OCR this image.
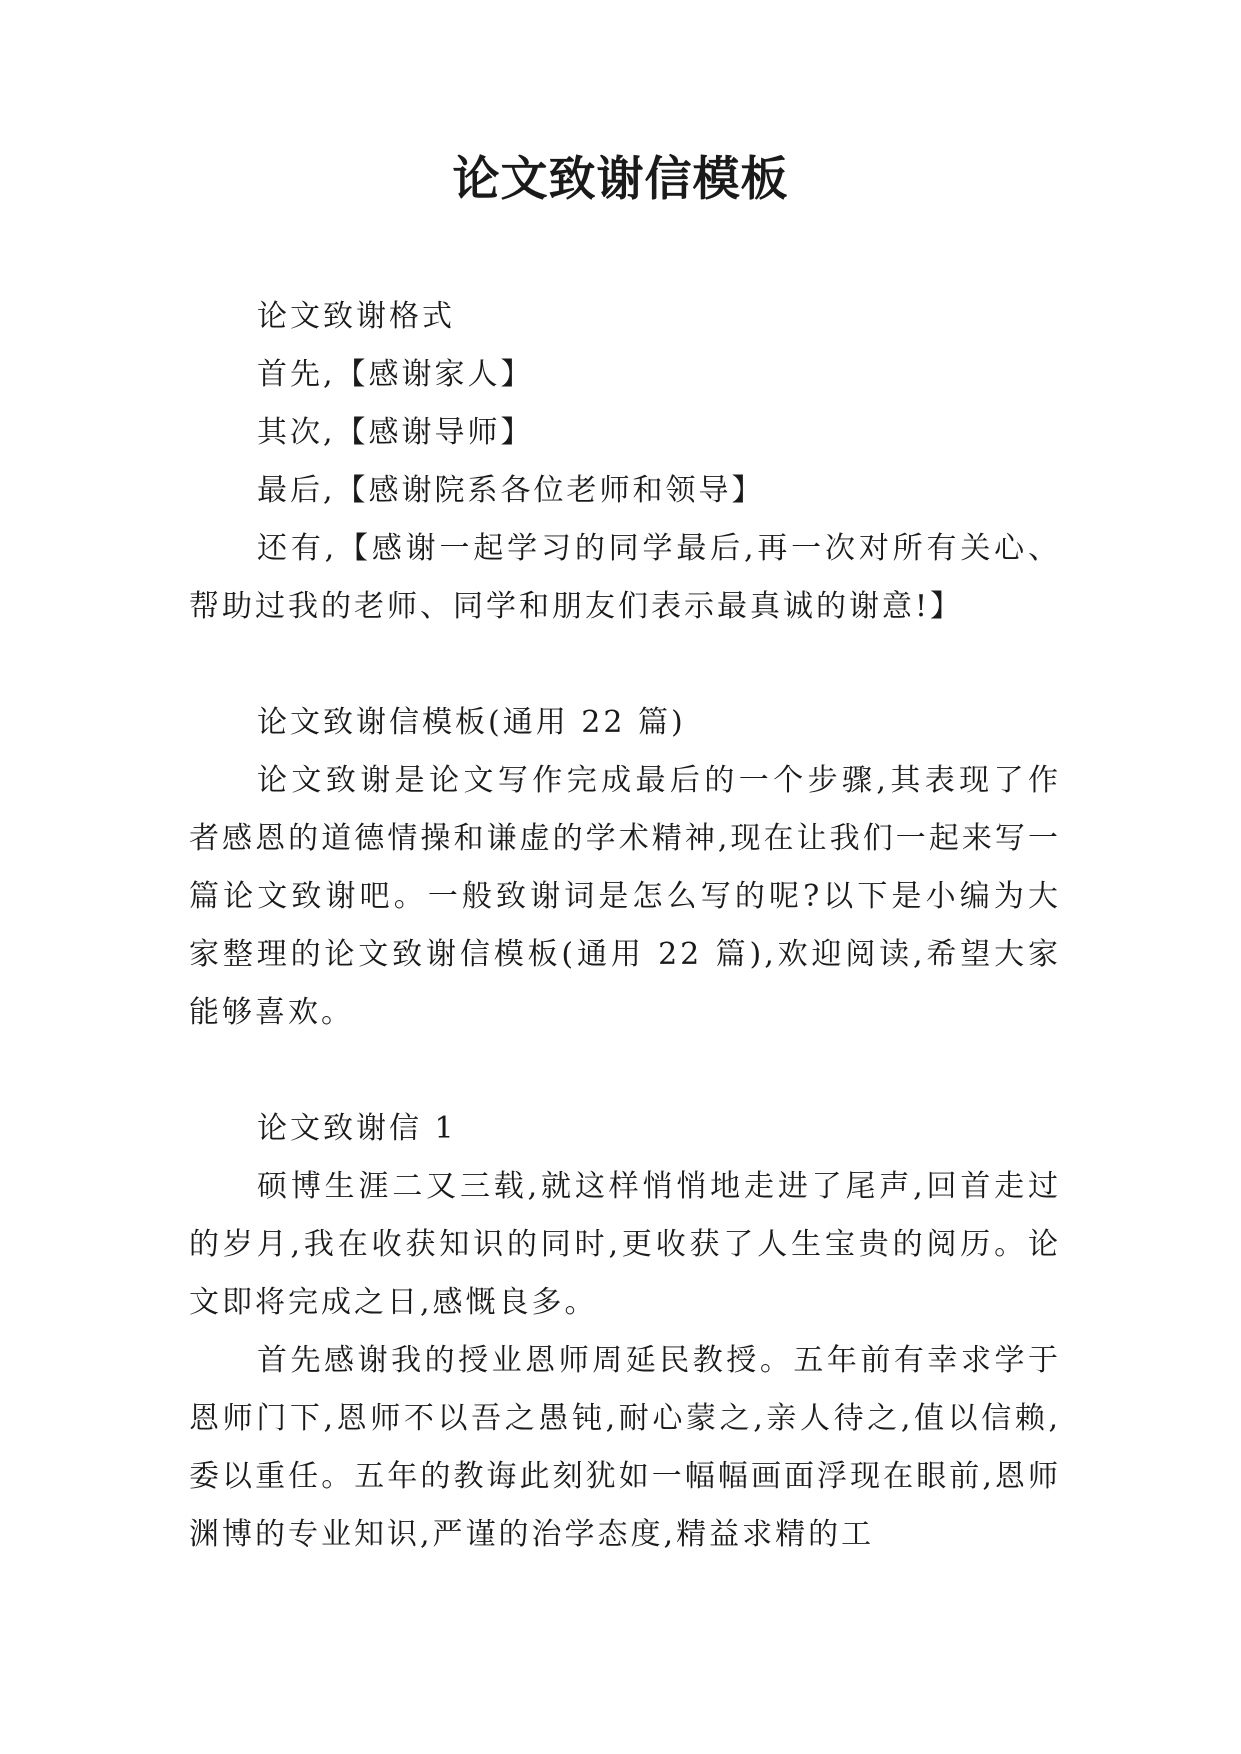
论文致谢信模板

论文致谢格式

首先,【感谢家人】

其次,【感谢导师】

最后,【感谢院系各位老师和领导】

还有,【感谢一起学习的同学最后,再一次对所有关心、帮助过我的老师、同学和朋友们表示最真诚的谢意!】

论文致谢信模板(通用 22 篇)

论文致谢是论文写作完成最后的一个步骤,其表现了作者感恩的道德情操和谦虚的学术精神,现在让我们一起来写一篇论文致谢吧。一般致谢词是怎么写的呢?以下是小编为大家整理的论文致谢信模板(通用 22 篇),欢迎阅读,希望大家能够喜欢。

论文致谢信 1

硕博生涯二又三载,就这样悄悄地走进了尾声,回首走过的岁月,我在收获知识的同时,更收获了人生宝贵的阅历。论文即将完成之日,感慨良多。

首先感谢我的授业恩师周延民教授。五年前有幸求学于恩师门下,恩师不以吾之愚钝,耐心蒙之,亲人待之,值以信赖,委以重任。五年的教诲此刻犹如一幅幅画面浮现在眼前,恩师渊博的专业知识,严谨的治学态度,精益求精的工
